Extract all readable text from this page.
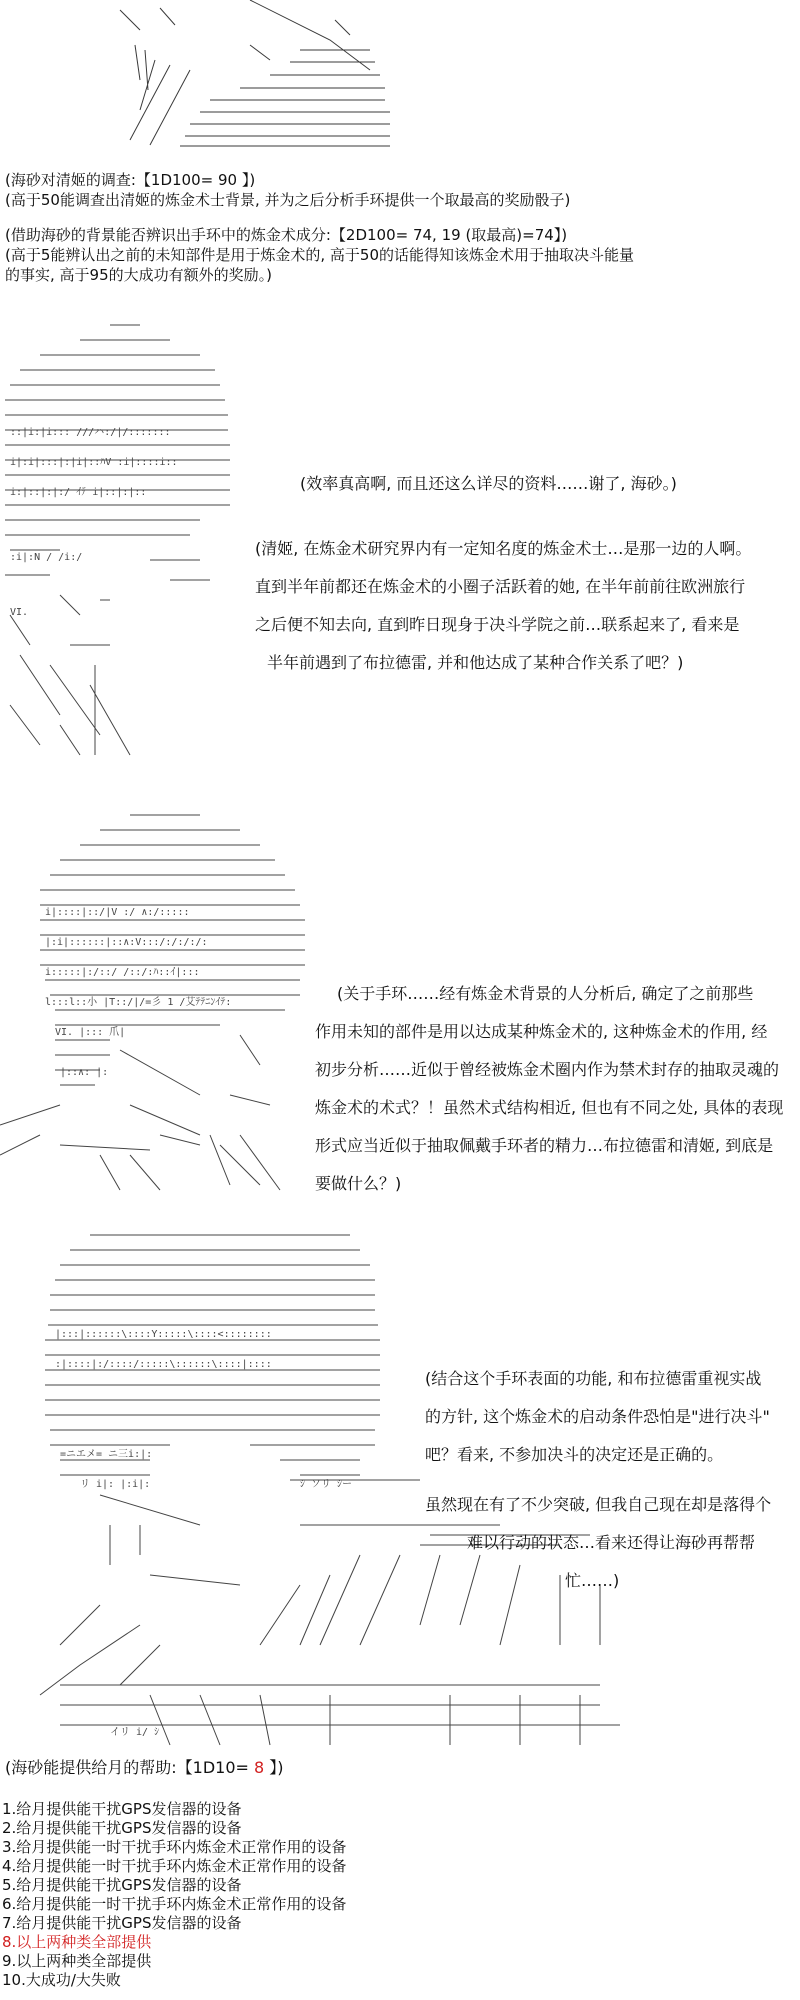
(海砂对清姬的调查:【1D100= 90 】)
(高于50能调查出清姬的炼金术士背景, 并为之后分析手环提供一个取最高的奖励骰子)
(借助海砂的背景能否辨识出手环中的炼金术成分:【2D100= 74, 19 (取最高)=74】)
(高于5能辨认出之前的未知部件是用于炼金术的, 高于50的话能得知该炼金术用于抽取决斗能量
的事实, 高于95的大成功有额外的奖励。)
::|i:|i::: ///ハ:/|/:::::::
i|:i|:::|:|i|::ﾊV :i|::::i::
i:|::|:|:/ ｲﾃ i|::|:|::
:i|:N / /i:/
VI.
(效率真高啊, 而且还这么详尽的资料……谢了, 海砂。)
(清姬, 在炼金术研究界内有一定知名度的炼金术士…是那一边的人啊。
直到半年前都还在炼金术的小圈子活跃着的她, 在半年前前往欧洲旅行
之后便不知去向, 直到昨日现身于决斗学院之前…联系起来了, 看来是
半年前遇到了布拉德雷, 并和他达成了某种合作关系了吧？)
i|::::|::/|V :/ ∧:/:::::
|:i|::::::|::∧:V:::/:/:/:/:
i:::::|:/::/ /::/:ﾊ::ｲ|:::
l:::l::小 |T::/|/=彡 1 /艾ﾃﾃﾆﾝｲﾃ:
VI. |::: 爪|
|::∧: |:
(关于手环……经有炼金术背景的人分析后, 确定了之前那些
作用未知的部件是用以达成某种炼金术的, 这种炼金术的作用, 经
初步分析……近似于曾经被炼金术圈内作为禁术封存的抽取灵魂的
炼金术的术式？！虽然术式结构相近, 但也有不同之处, 具体的表现
形式应当近似于抽取佩戴手环者的精力…布拉德雷和清姬, 到底是
要做什么？)
|:::|::::::\::::Y:::::\::::<::::::::
:|::::|:/::::/:::::\::::::\::::|::::
=ニエメ= ニ三i:|:
リ i|: |:i|:	ｼ ソリ ｼー
イリ i/ ｼ
(结合这个手环表面的功能, 和布拉德雷重视实战
的方针, 这个炼金术的启动条件恐怕是"进行决斗"
吧？看来, 不参加决斗的决定还是正确的。
虽然现在有了不少突破, 但我自己现在却是落得个
难以行动的状态…看来还得让海砂再帮帮
忙……)
(海砂能提供给月的帮助:【1D10= 8 】)
1.给月提供能干扰GPS发信器的设备
2.给月提供能干扰GPS发信器的设备
3.给月提供能一时干扰手环内炼金术正常作用的设备
4.给月提供能一时干扰手环内炼金术正常作用的设备
5.给月提供能干扰GPS发信器的设备
6.给月提供能一时干扰手环内炼金术正常作用的设备
7.给月提供能干扰GPS发信器的设备
8.以上两种类全部提供
9.以上两种类全部提供
10.大成功/大失败
